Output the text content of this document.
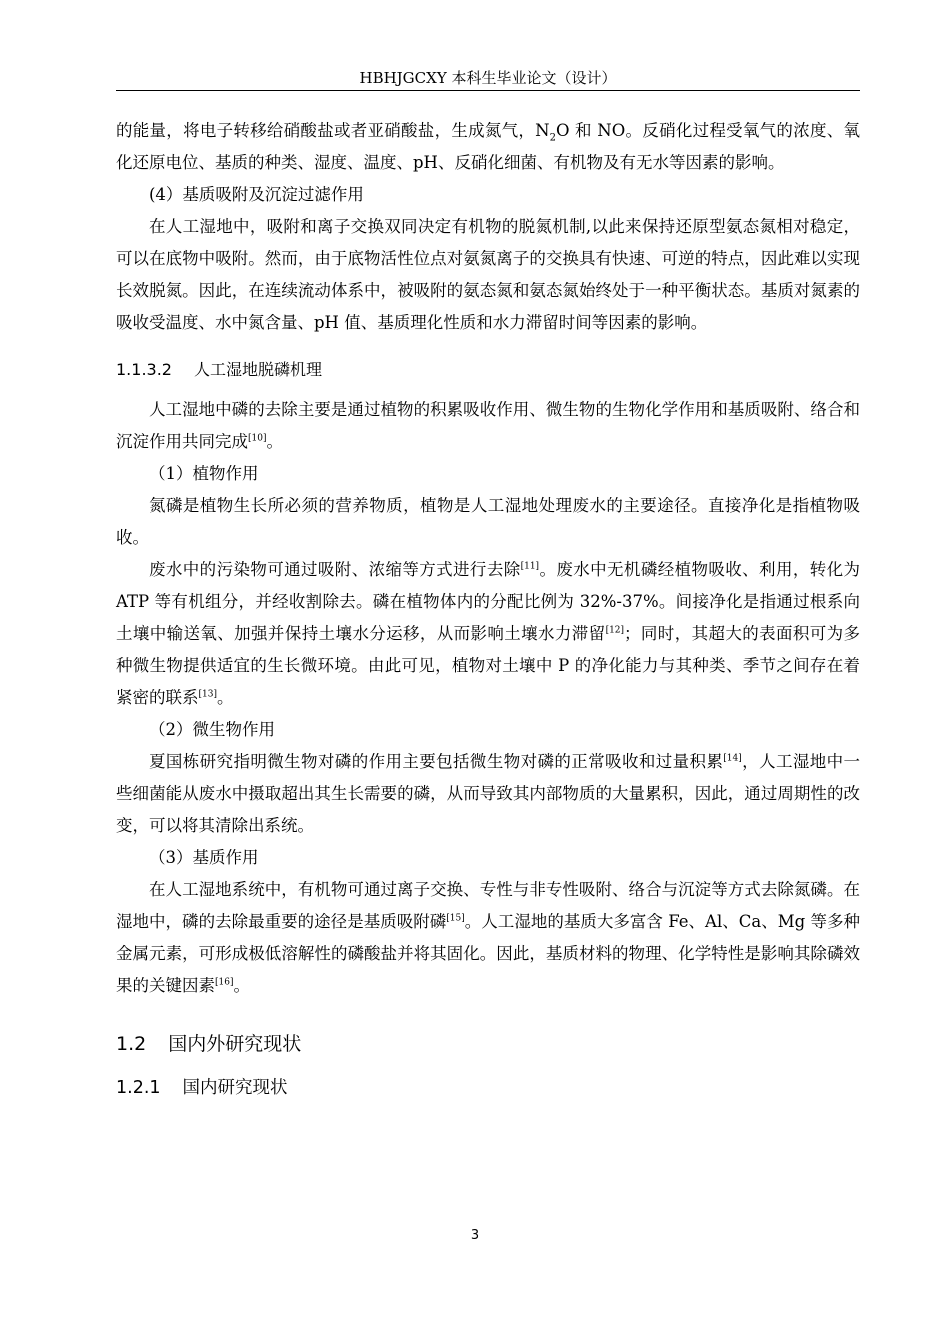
HBHJGCXY 本科生毕业论文（设计）

的能量，将电子转移给硝酸盐或者亚硝酸盐，生成氮气，$N_2O$ 和 NO。反硝化过程受氧气的浓度、氧化还原电位、基质的种类、湿度、温度、pH、反硝化细菌、有机物及有无水等因素的影响。

(4）基质吸附及沉淀过滤作用

在人工湿地中，吸附和离子交换双同决定有机物的脱氮机制,以此来保持还原型氨态氮相对稳定，可以在底物中吸附。然而，由于底物活性位点对氨氮离子的交换具有快速、可逆的特点，因此难以实现长效脱氮。因此，在连续流动体系中，被吸附的氨态氮和氨态氮始终处于一种平衡状态。基质对氮素的吸收受温度、水中氮含量、pH 值、基质理化性质和水力滞留时间等因素的影响。

1.1.3.2 人工湿地脱磷机理

人工湿地中磷的去除主要是通过植物的积累吸收作用、微生物的生物化学作用和基质吸附、络合和沉淀作用共同完成[10]。

（1）植物作用

氮磷是植物生长所必须的营养物质，植物是人工湿地处理废水的主要途径。直接净化是指植物吸收。

废水中的污染物可通过吸附、浓缩等方式进行去除[11]。废水中无机磷经植物吸收、利用，转化为 ATP 等有机组分，并经收割除去。磷在植物体内的分配比例为 32%-37%。间接净化是指通过根系向土壤中输送氧、加强并保持土壤水分运移，从而影响土壤水力滞留[12]；同时，其超大的表面积可为多种微生物提供适宜的生长微环境。由此可见，植物对土壤中 P 的净化能力与其种类、季节之间存在着紧密的联系[13]。

（2）微生物作用

夏国栋研究指明微生物对磷的作用主要包括微生物对磷的正常吸收和过量积累[14]，人工湿地中一些细菌能从废水中摄取超出其生长需要的磷，从而导致其内部物质的大量累积，因此，通过周期性的改变，可以将其清除出系统。

（3）基质作用

在人工湿地系统中，有机物可通过离子交换、专性与非专性吸附、络合与沉淀等方式去除氮磷。在湿地中，磷的去除最重要的途径是基质吸附磷[15]。人工湿地的基质大多富含 Fe、Al、Ca、Mg 等多种金属元素，可形成极低溶解性的磷酸盐并将其固化。因此，基质材料的物理、化学特性是影响其除磷效果的关键因素[16]。

1.2 国内外研究现状
1.2.1 国内研究现状
3
